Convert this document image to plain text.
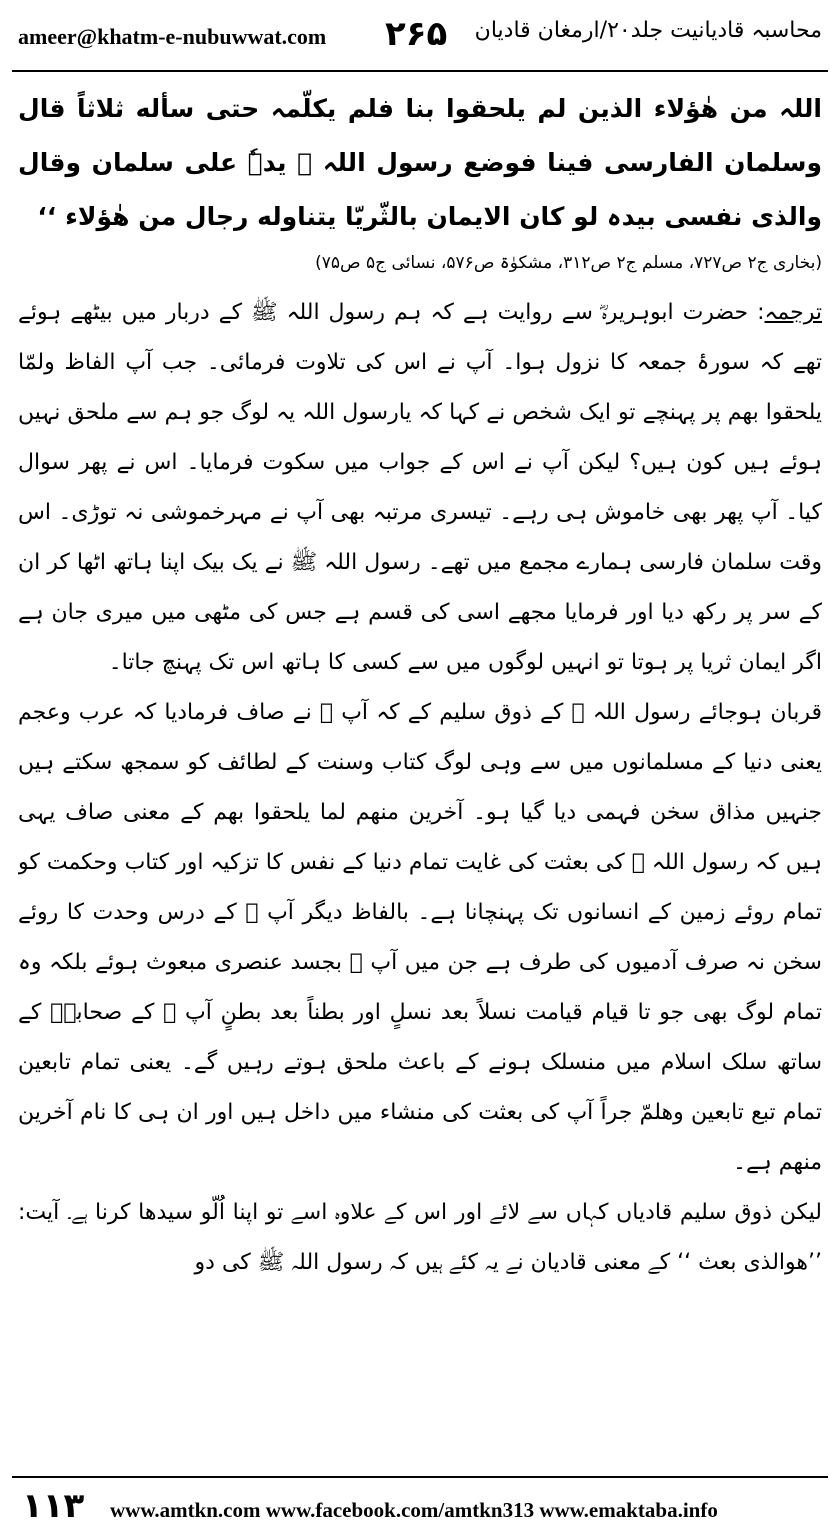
ameer@khatm-e-nubuwwat.com ۲۶۵ محاسبہ قادیانیت جلد۲۰/ارمغان قادیان

اللہ من ھٰؤلاء الذین لم یلحقوا بنا فلم یکلّمہ حتی سأله ثلاثاً قال وسلمان الفارسی فینا فوضع رسول اللہ ﷺ یدہٗ علی سلمان وقال والذی نفسی بیدہ لو کان الایمان بالثّریّا یتناوله رجال من ھٰؤلاء ‘‘

(بخاری ج۲ ص۷۲۷، مسلم ج۲ ص۳۱۲، مشکوٰۃ ص۵۷۶، نسائی ج۵ ص۷۵)

ترجمہ: حضرت ابوہریرہؓ سے روایت ہے کہ ہم رسول اللہ ﷺ کے دربار میں بیٹھے ہوئے تھے کہ سورۂ جمعہ کا نزول ہوا۔ آپ نے اس کی تلاوت فرمائی۔ جب آپ الفاظ ولمّا یلحقوا بھم پر پہنچے تو ایک شخص نے کہا کہ یارسول اللہ یہ لوگ جو ہم سے ملحق نہیں ہوئے ہیں کون ہیں؟ لیکن آپ نے اس کے جواب میں سکوت فرمایا۔ اس نے پھر سوال کیا۔ آپ پھر بھی خاموش ہی رہے۔ تیسری مرتبہ بھی آپ نے مہرخموشی نہ توڑی۔ اس وقت سلمان فارسی ہمارے مجمع میں تھے۔ رسول اللہ ﷺ نے یک بیک اپنا ہاتھ اٹھا کر ان کے سر پر رکھ دیا اور فرمایا مجھے اسی کی قسم ہے جس کی مٹھی میں میری جان ہے اگر ایمان ثریا پر ہوتا تو انہیں لوگوں میں سے کسی کا ہاتھ اس تک پہنچ جاتا۔

قربان ہوجائے رسول اللہ ﷺ کے ذوق سلیم کے کہ آپ ﷺ نے صاف فرمادیا کہ عرب وعجم یعنی دنیا کے مسلمانوں میں سے وہی لوگ کتاب وسنت کے لطائف کو سمجھ سکتے ہیں جنہیں مذاق سخن فہمی دیا گیا ہو۔ آخرین منھم لما یلحقوا بھم کے معنی صاف یہی ہیں کہ رسول اللہ ﷺ کی بعثت کی غایت تمام دنیا کے نفس کا تزکیہ اور کتاب وحکمت کو تمام روئے زمین کے انسانوں تک پہنچانا ہے۔ بالفاظ دیگر آپ ﷺ کے درس وحدت کا روئے سخن نہ صرف آدمیوں کی طرف ہے جن میں آپ ﷺ بجسد عنصری مبعوث ہوئے بلکہ وہ تمام لوگ بھی جو تا قیام قیامت نسلاً بعد نسلٍ اور بطناً بعد بطنٍ آپ ﷺ کے صحابہؓ کے ساتھ سلک اسلام میں منسلک ہونے کے باعث ملحق ہوتے رہیں گے۔ یعنی تمام تابعین تمام تبع تابعین وھلمّ جراً آپ کی بعثت کی منشاء میں داخل ہیں اور ان ہی کا نام آخرین منھم ہے۔

لیکن ذوق سلیم قادیاں کہاں سے لائے اور اس کے علاوہ اسے تو اپنا اُلّو سیدھا کرنا ہے۔ آیت: ’’ھوالذی بعث ‘‘ کے معنی قادیان نے یہ کئے ہیں کہ رسول اللہ ﷺ کی دو

۱۱۳ www.amtkn.com www.facebook.com/amtkn313 www.emaktaba.info
